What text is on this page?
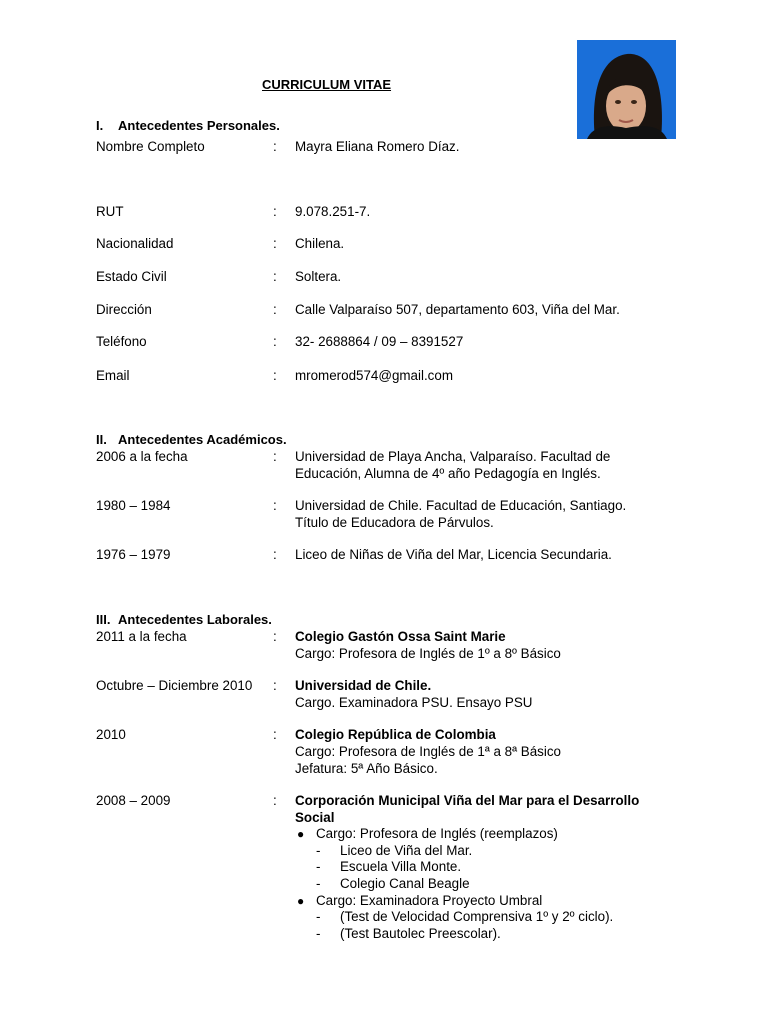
CURRICULUM VITAE
I. Antecedentes Personales.
Nombre Completo	: Mayra Eliana Romero Díaz.
RUT	: 9.078.251-7.
Nacionalidad	: Chilena.
Estado Civil	: Soltera.
Dirección	: Calle Valparaíso 507, departamento 603, Viña del Mar.
Teléfono	: 32- 2688864 / 09 – 8391527
Email	: mromerod574@gmail.com
II. Antecedentes Académicos.
2006 a la fecha	: Universidad de Playa Ancha, Valparaíso. Facultad de
Educación, Alumna de 4º año Pedagogía en Inglés.
1980 – 1984	: Universidad de Chile. Facultad de Educación, Santiago.
Título de Educadora de Párvulos.
1976 – 1979	: Liceo de Niñas de Viña del Mar, Licencia Secundaria.
III. Antecedentes Laborales.
2011 a la fecha	: Colegio Gastón Ossa Saint Marie
Cargo: Profesora de Inglés de 1º a 8º Básico
Octubre – Diciembre 2010 : Universidad de Chile.
Cargo. Examinadora PSU. Ensayo PSU
2010	: Colegio República de Colombia
Cargo: Profesora de Inglés de 1ª a 8ª Básico
Jefatura: 5ª Año Básico.
2008 – 2009	: Corporación Municipal Viña del Mar para el Desarrollo
Social
● Cargo: Profesora de Inglés (reemplazos)
- Liceo de Viña del Mar.
- Escuela Villa Monte.
- Colegio Canal Beagle
● Cargo: Examinadora Proyecto Umbral
- (Test de Velocidad Comprensiva 1º y 2º ciclo).
- (Test Bautolec Preescolar).
